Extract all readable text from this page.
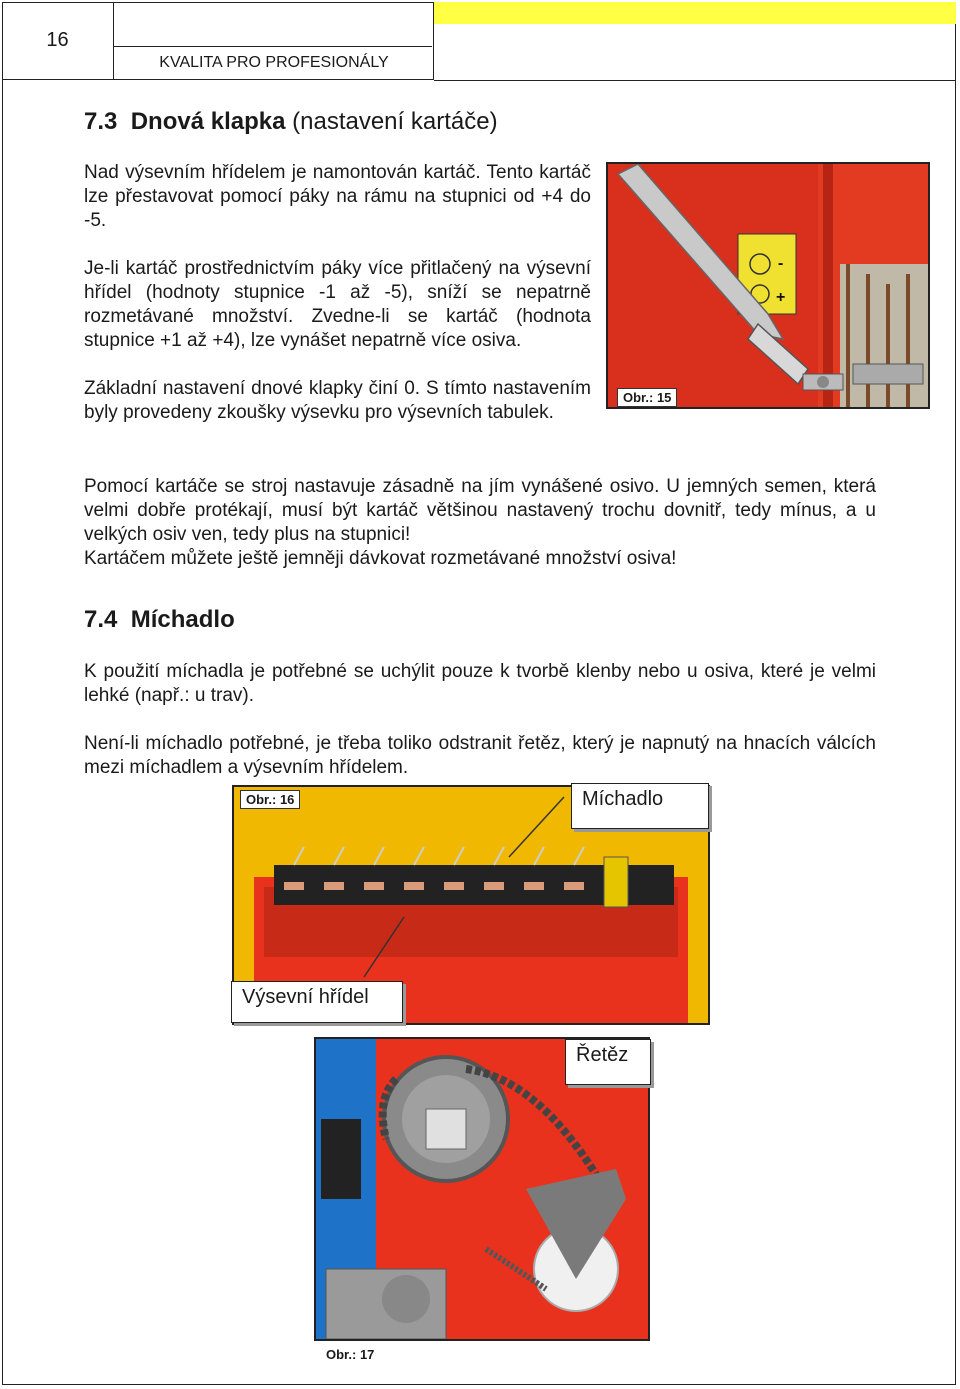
16
KVALITA PRO PROFESIONÁLY
7.3 Dnová klapka (nastavení kartáče)
Nad výsevním hřídelem je namontován kartáč. Tento kartáč lze přestavovat pomocí páky na rámu na stupnici od +4 do -5.
Je-li kartáč prostřednictvím páky více přitlačený na výsevní hřídel (hodnoty stupnice -1 až -5), sníží se nepatrně rozmetávané množství. Zvedne-li se kartáč (hodnota stupnice +1 až +4), lze vynášet nepatrně více osiva.
Základní nastavení dnové klapky činí 0. S tímto nastavením byly provedeny zkoušky výsevku pro výsevních tabulek.
-
+
Obr.: 15
Pomocí kartáče se stroj nastavuje zásadně na jím vynášené osivo. U jemných semen, která velmi dobře protékají, musí být kartáč většinou nastavený trochu dovnitř, tedy mínus, a u velkých osiv ven, tedy plus na stupnici!
Kartáčem můžete ještě jemněji dávkovat rozmetávané množství osiva!
7.4 Míchadlo
K použití míchadla je potřebné se uchýlit pouze k tvorbě klenby nebo u osiva, které je velmi lehké (např.: u trav).
Není-li míchadlo potřebné, je třeba toliko odstranit řetěz, který je napnutý na hnacích válcích mezi míchadlem a výsevním hřídelem.
Obr.: 16	Míchadlo
Výsevní hřídel
Řetěz
Obr.: 17
